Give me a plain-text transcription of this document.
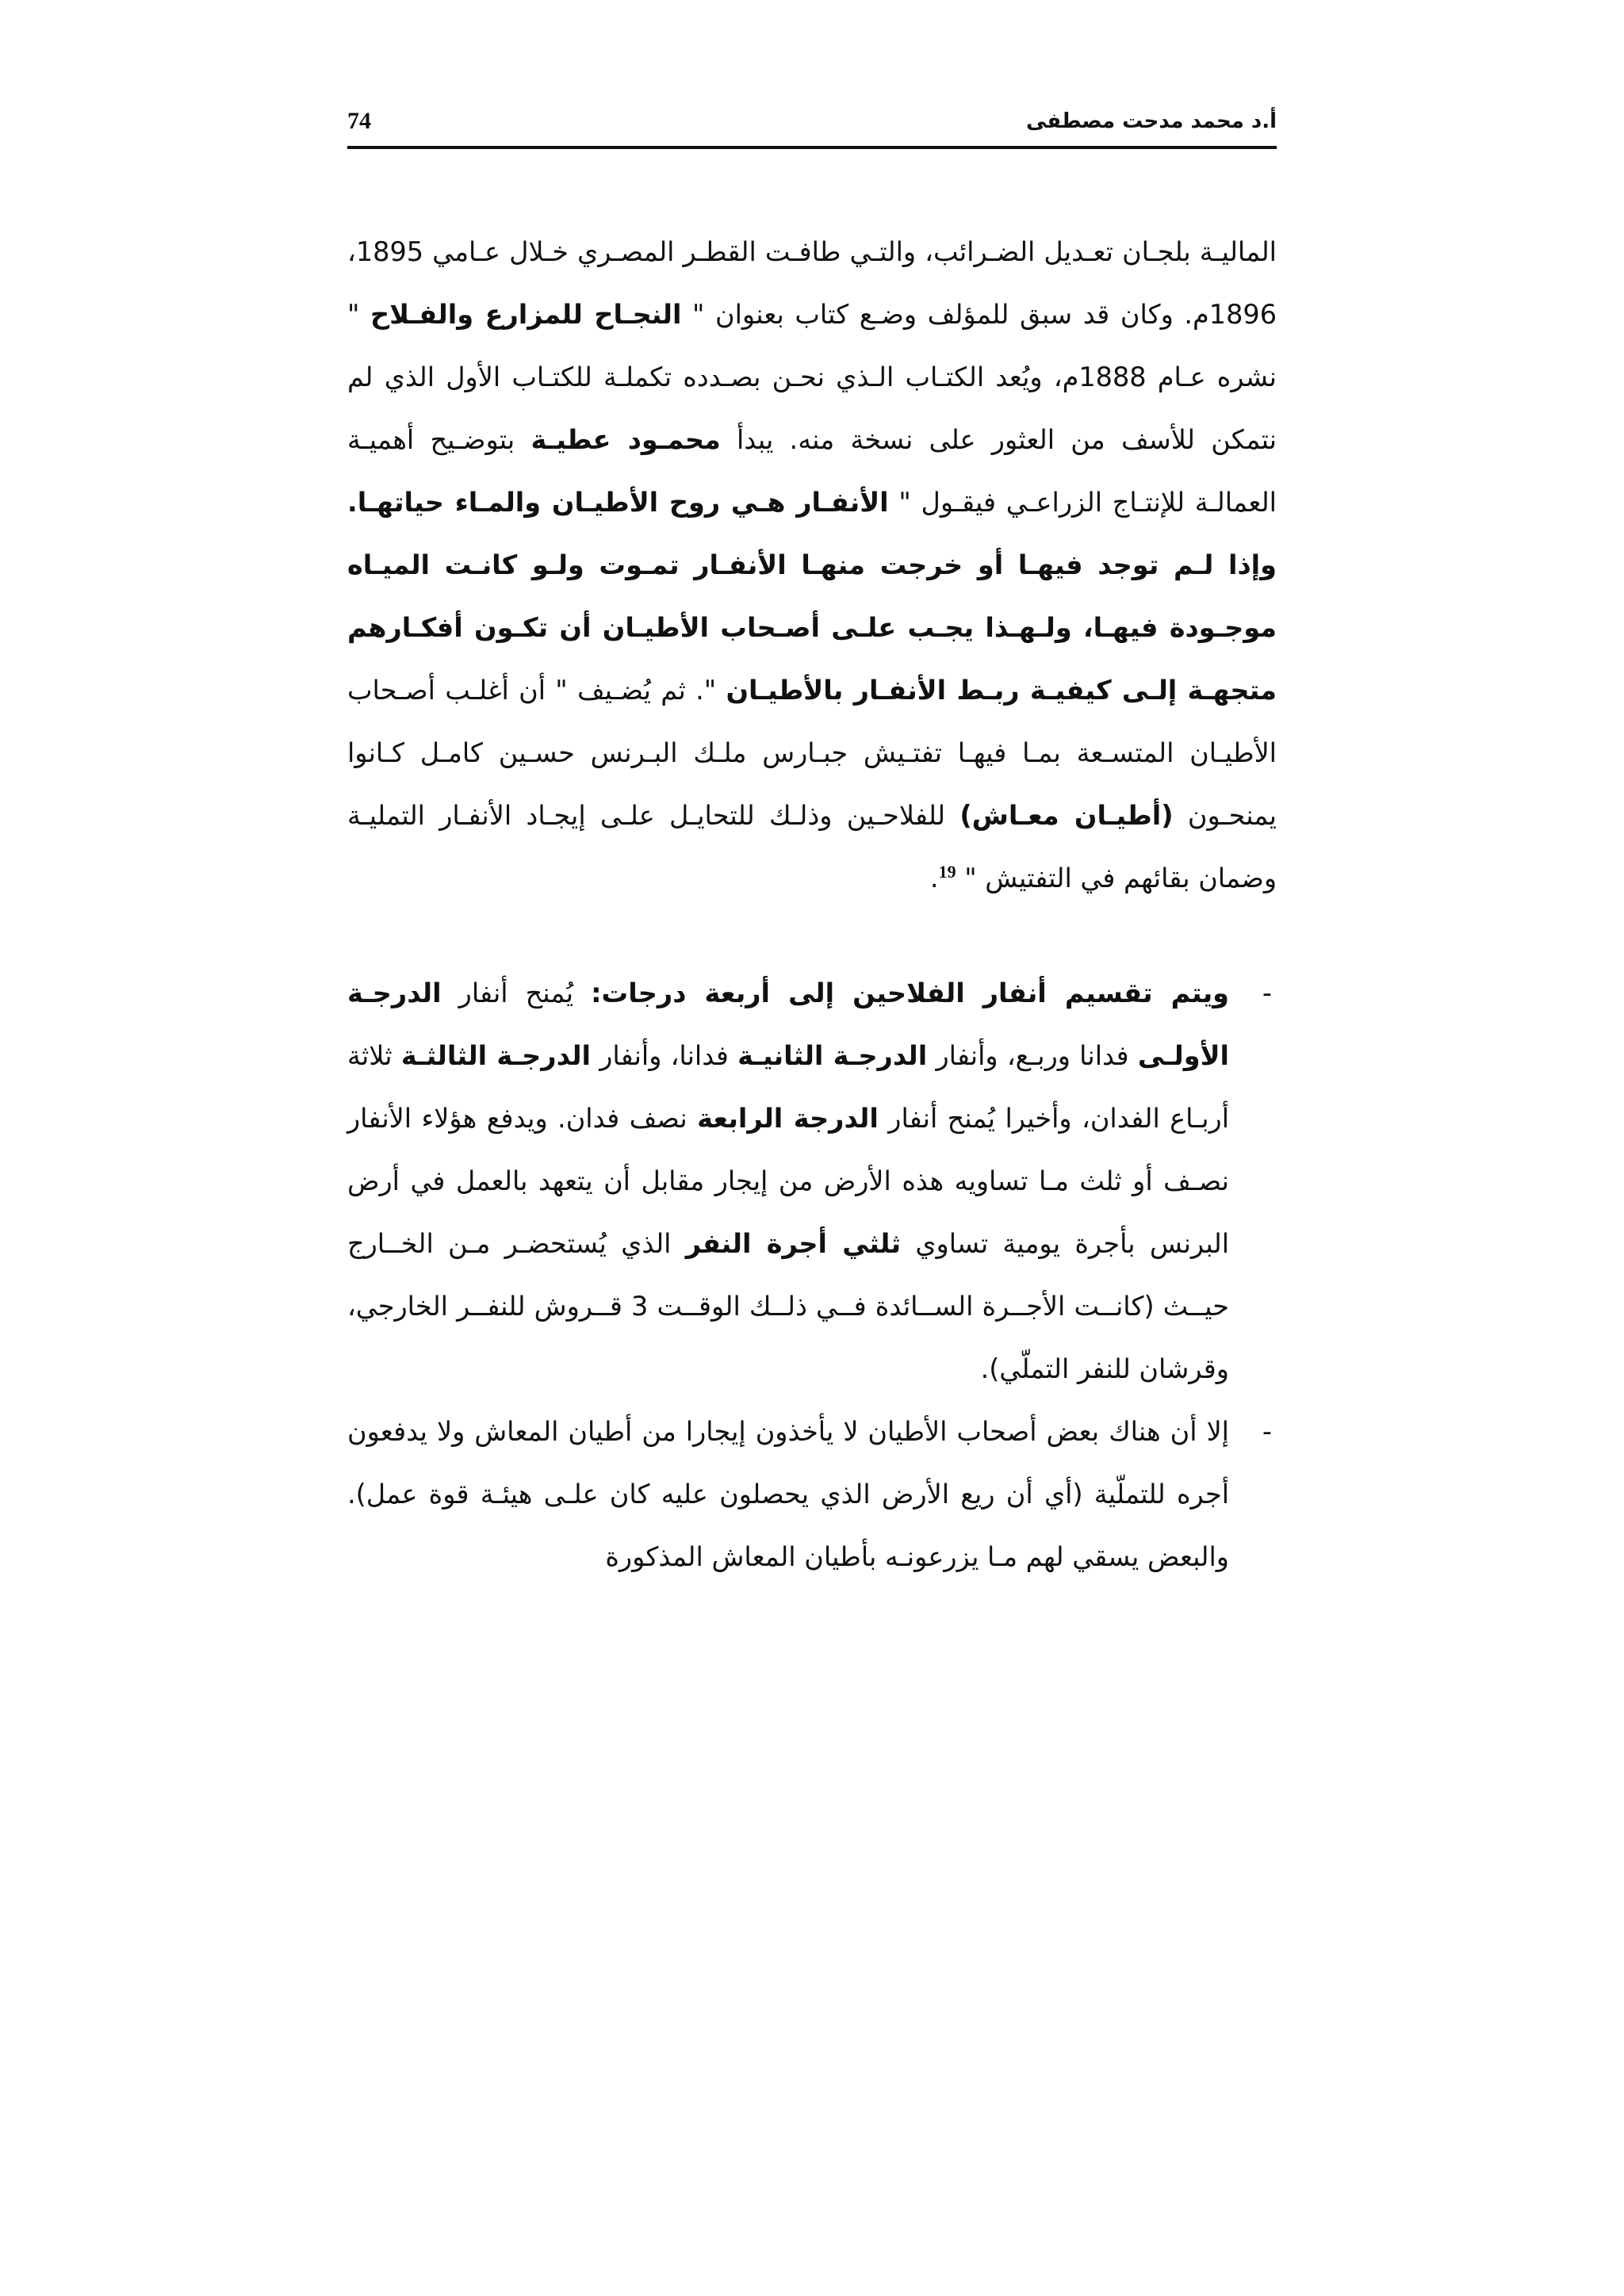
74	أ.د محمد مدحت مصطفى

الماليـة بلجـان تعـديل الضـرائب، والتـي طافـت القطـر المصـري خـلال عـامي 1895، 1896م. وكان قد سبق للمؤلف وضـع كتاب بعنوان " النجـاح للمزارع والفـلاح " نشره عـام 1888م، ويُعد الكتـاب الـذي نحـن بصـدده تكملـة للكتـاب الأول الذي لم نتمكن للأسف من العثور على نسخة منه. يبدأ محمـود عطيـة بتوضـيح أهميـة العمالـة للإنتـاج الزراعـي فيقـول " الأنفـار هـي روح الأطيـان والمـاء حياتهـا. وإذا لـم توجد فيهـا أو خرجت منهـا الأنفـار تمـوت ولـو كانـت الميـاه موجـودة فيهـا، ولـهـذا يجـب علـى أصـحاب الأطيـان أن تكـون أفكـارهم متجهـة إلـى كيفيـة ربـط الأنفـار بالأطيـان ". ثم يُضـيف " أن أغلـب أصـحاب الأطيـان المتسـعة بمـا فيهـا تفتـيش جبـارس ملـك البـرنس حسـين كامـل كـانوا يمنحـون (أطيـان معـاش) للفلاحـين وذلـك للتحايـل علـى إيجـاد الأنفـار التمليـة وضمان بقائهم في التفتيش " $^{19}$.

-
ويتم تقسيم أنفار الفلاحين إلى أربعة درجات: يُمنح أنفار الدرجـة الأولـى فدانا وربـع، وأنفار الدرجـة الثانيـة فدانا، وأنفار الدرجـة الثالثـة ثلاثة أربـاع الفدان، وأخيرا يُمنح أنفار الدرجة الرابعة نصف فدان. ويدفع هؤلاء الأنفار نصـف أو ثلث مـا تساويه هذه الأرض من إيجار مقابل أن يتعهد بالعمل في أرض البرنس بأجرة يومية تساوي ثلثي أجرة النفر الذي يُستحضـر مـن الخــارج حيــث (كانــت الأجــرة الســائدة فــي ذلــك الوقــت 3 قــروش للنفــر الخارجي، وقرشان للنفر التملّي).
-
إلا أن هناك بعض أصحاب الأطيان لا يأخذون إيجارا من أطيان المعاش ولا يدفعون أجره للتملّية (أي أن ريع الأرض الذي يحصلون عليه كان علـى هيئـة قوة عمل). والبعض يسقي لهم مـا يزرعونـه بأطيان المعاش المذكورة
